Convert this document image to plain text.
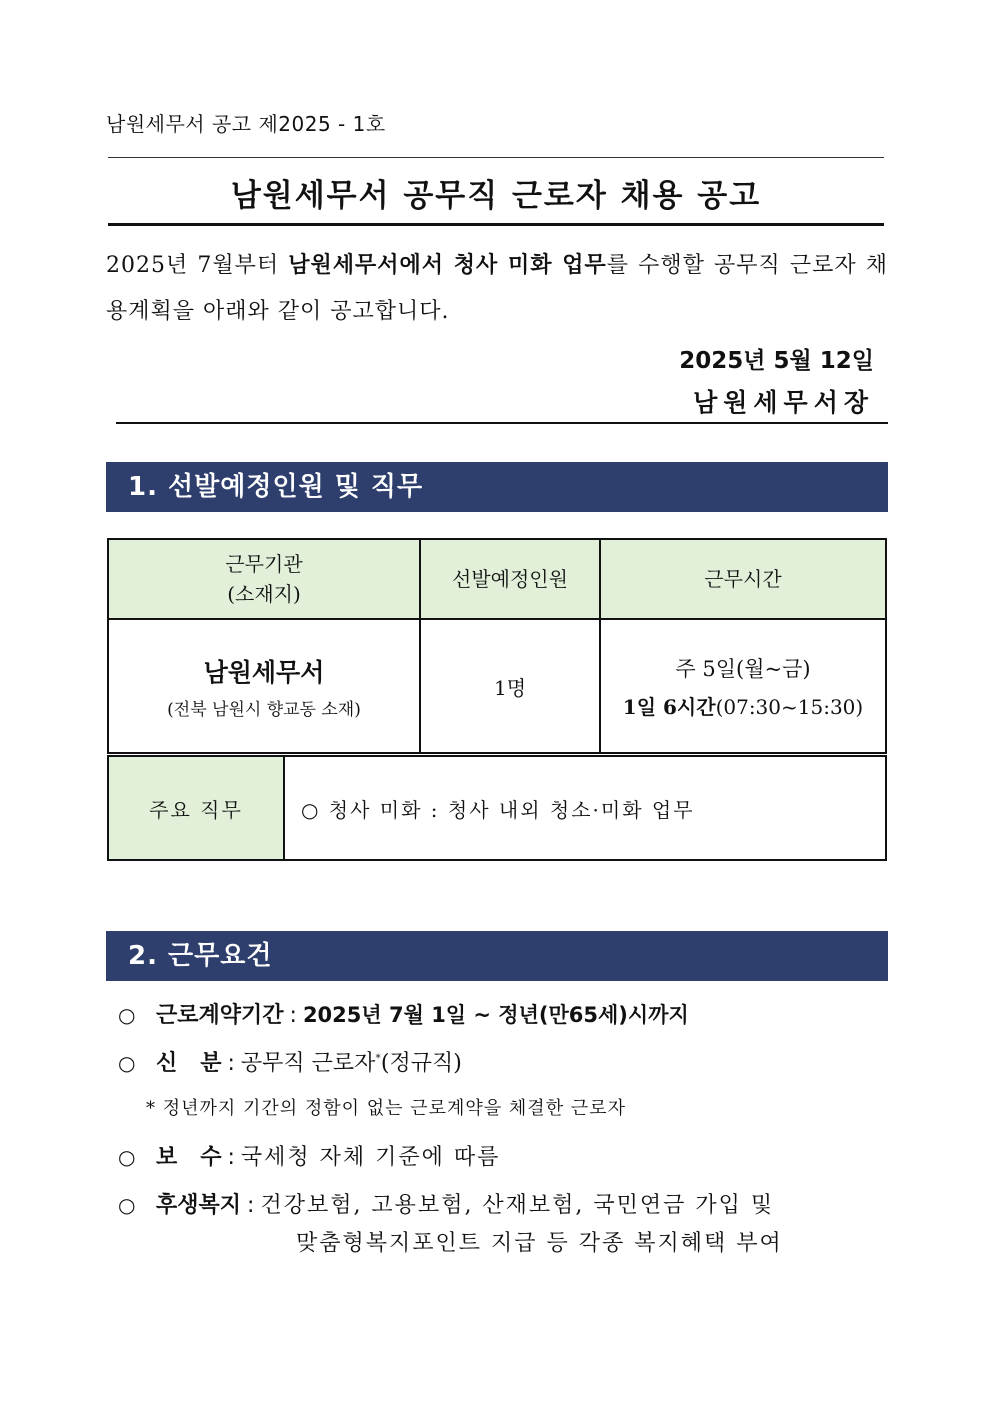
남원세무서 공고 제2025 - 1호
남원세무서 공무직 근로자 채용 공고
2025년 7월부터 남원세무서에서 청사 미화 업무를 수행할 공무직 근로자 채용계획을 아래와 같이 공고합니다.
2025년 5월 12일
남원세무서장
1. 선발예정인원 및 직무
근무기관
(소재지)	선발예정인원	근무시간

남원세무서
(전북 남원시 향교동 소재)	1명	주 5일(월~금)
1일 6시간(07:30~15:30)
주요 직무	○ 청사 미화 : 청사 내외 청소·미화 업무
2. 근무요건
○ 근로계약기간 : 2025년 7월 1일 ~ 정년(만65세)시까지
○ 신   분 : 공무직 근로자*(정규직)
* 정년까지 기간의 정함이 없는 근로계약을 체결한 근로자
○ 보   수 : 국세청 자체 기준에 따름
○ 후생복지 : 건강보험, 고용보험, 산재보험, 국민연금 가입 및
맞춤형복지포인트 지급 등 각종 복지혜택 부여
